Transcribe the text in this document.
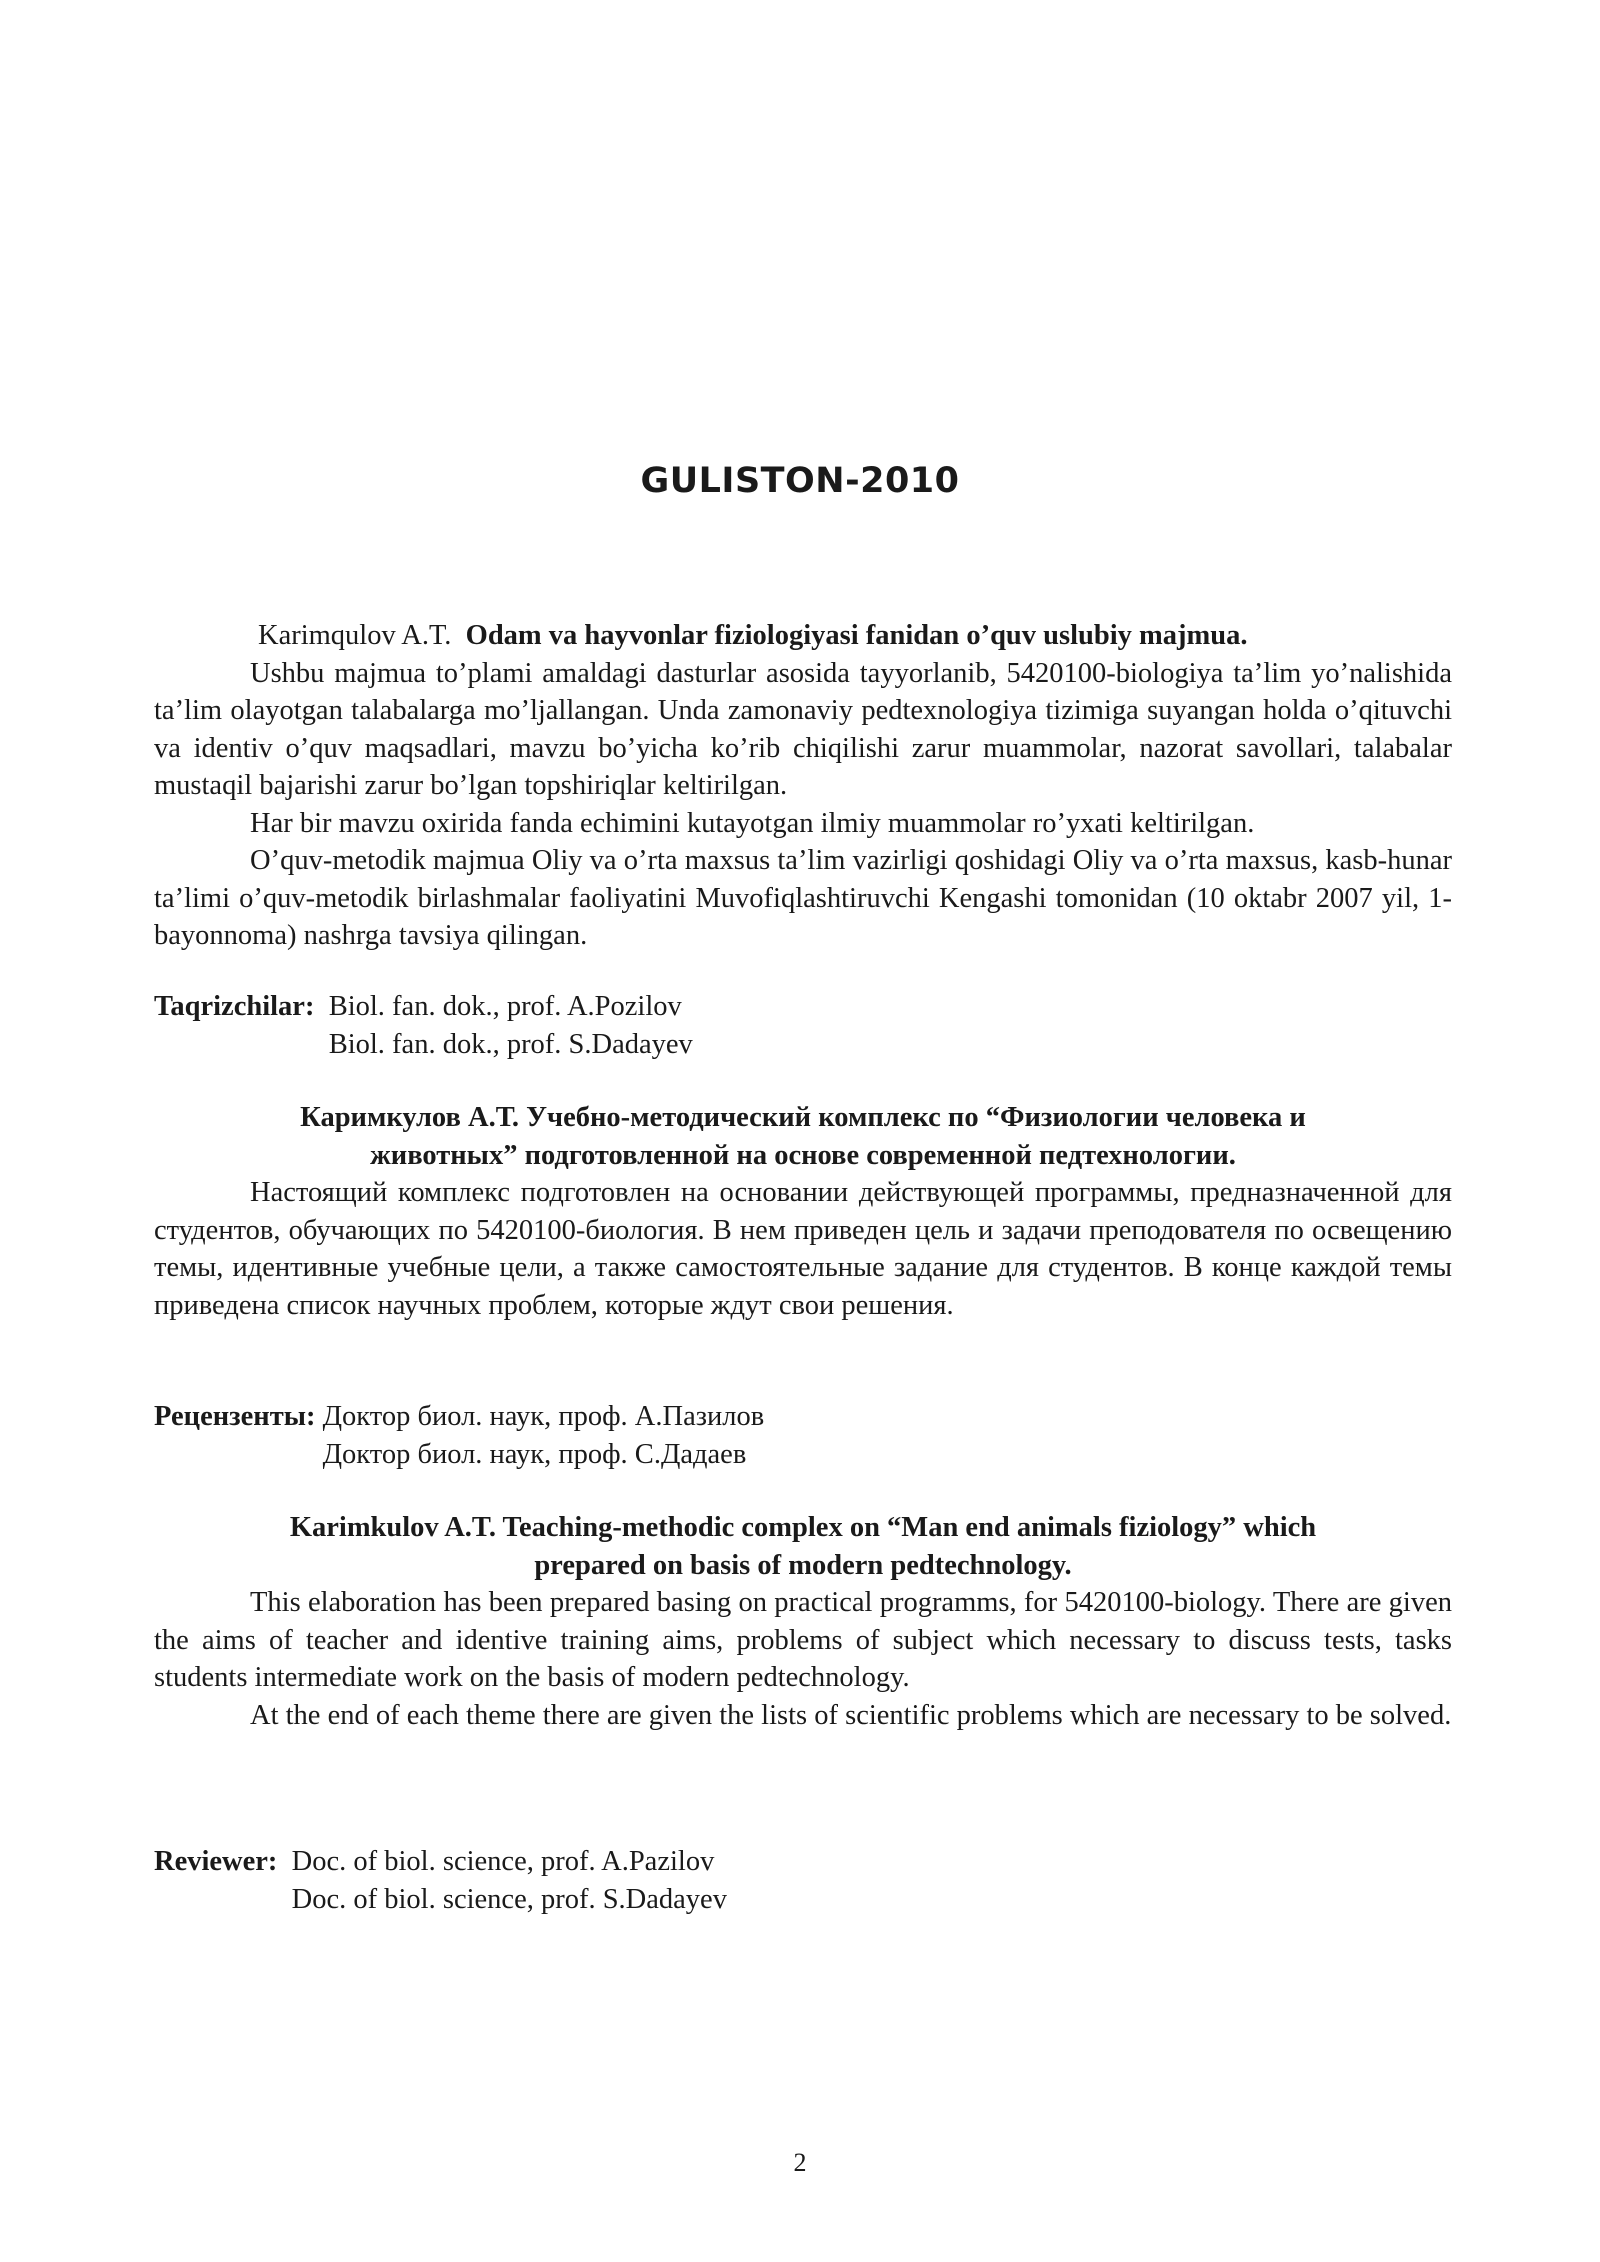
GULISTON-2010

Karimqulov A.T. Odam va hayvonlar fiziologiyasi fanidan o’quv uslubiy majmua.

Ushbu majmua to’plami amaldagi dasturlar asosida tayyorlanib, 5420100-biologiya ta’lim yo’nalishida ta’lim olayotgan talabalarga mo’ljallangan. Unda zamonaviy pedtexnologiya tizimiga suyangan holda o’qituvchi va identiv o’quv maqsadlari, mavzu bo’yicha ko’rib chiqilishi zarur muammolar, nazorat savollari, talabalar mustaqil bajarishi zarur bo’lgan topshiriqlar keltirilgan.

Har bir mavzu oxirida fanda echimini kutayotgan ilmiy muammolar ro’yxati keltirilgan.

O’quv-metodik majmua Oliy va o’rta maxsus ta’lim vazirligi qoshidagi Oliy va o’rta maxsus, kasb-hunar ta’limi o’quv-metodik birlashmalar faoliyatini Muvofiqlashtiruvchi Kengashi tomonidan (10 oktabr 2007 yil, 1-bayonnoma) nashrga tavsiya qilingan.

Taqrizchilar: Biol. fan. dok., prof. A.Pozilov
Biol. fan. dok., prof. S.Dadayev

Каримкулов А.Т. Учебно-методический комплекс по “Физиологии человека и

животных” подготовленной на основе современной педтехнологии.

Настоящий комплекс подготовлен на основании действующей программы, предназначенной для студентов, обучающих по 5420100-биология. В нем приведен цель и задачи преподователя по освещению темы, идентивные учебные цели, а также самостоятельные задание для студентов. В конце каждой темы приведена список научных проблем, которые ждут свои решения.

Рецензенты: Доктор биол. наук, проф. А.Пазилов
Доктор биол. наук, проф. С.Дадаев

Karimkulov A.T. Teaching-methodic complex on “Man end animals fiziology” which

prepared on basis of modern pedtechnology.

This elaboration has been prepared basing on practical programms, for 5420100-biology. There are given the aims of teacher and identive training aims, problems of subject which necessary to discuss tests, tasks students intermediate work on the basis of modern pedtechnology.

At the end of each theme there are given the lists of scientific problems which are necessary to be solved.

Reviewer: Doc. of biol. science, prof. A.Pazilov
Doc. of biol. science, prof. S.Dadayev
2
